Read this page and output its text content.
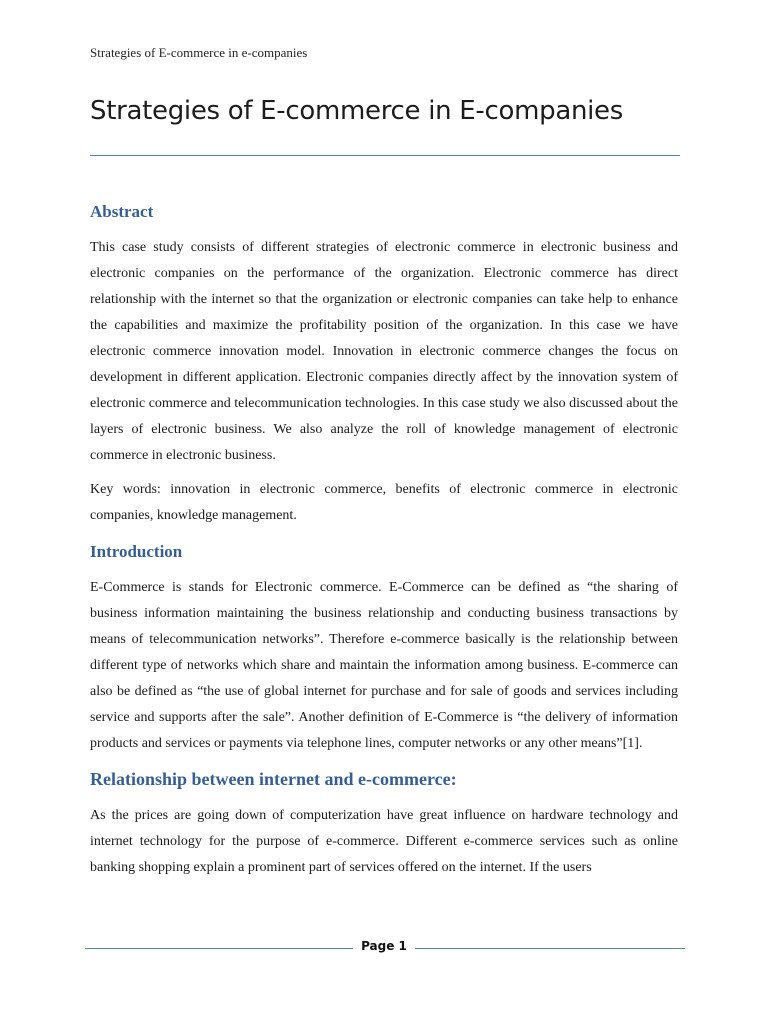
Strategies of E-commerce in e-companies
Strategies of E-commerce in E-companies
Abstract

This case study consists of different strategies of electronic commerce in electronic business and electronic companies on the performance of the organization. Electronic commerce has direct relationship with the internet so that the organization or electronic companies can take help to enhance the capabilities and maximize the profitability position of the organization. In this case we have electronic commerce innovation model. Innovation in electronic commerce changes the focus on development in different application. Electronic companies directly affect by the innovation system of electronic commerce and telecommunication technologies. In this case study we also discussed about the layers of electronic business. We also analyze the roll of knowledge management of electronic commerce in electronic business.

Key words: innovation in electronic commerce, benefits of electronic commerce in electronic companies, knowledge management.

Introduction

E-Commerce is stands for Electronic commerce. E-Commerce can be defined as “the sharing of business information maintaining the business relationship and conducting business transactions by means of telecommunication networks”. Therefore e-commerce basically is the relationship between different type of networks which share and maintain the information among business. E-commerce can also be defined as “the use of global internet for purchase and for sale of goods and services including service and supports after the sale”. Another definition of E-Commerce is “the delivery of information products and services or payments via telephone lines, computer networks or any other means”[1].

Relationship between internet and e-commerce:

As the prices are going down of computerization have great influence on hardware technology and internet technology for the purpose of e-commerce. Different e-commerce services such as online banking shopping explain a prominent part of services offered on the internet. If the users

Page 1
